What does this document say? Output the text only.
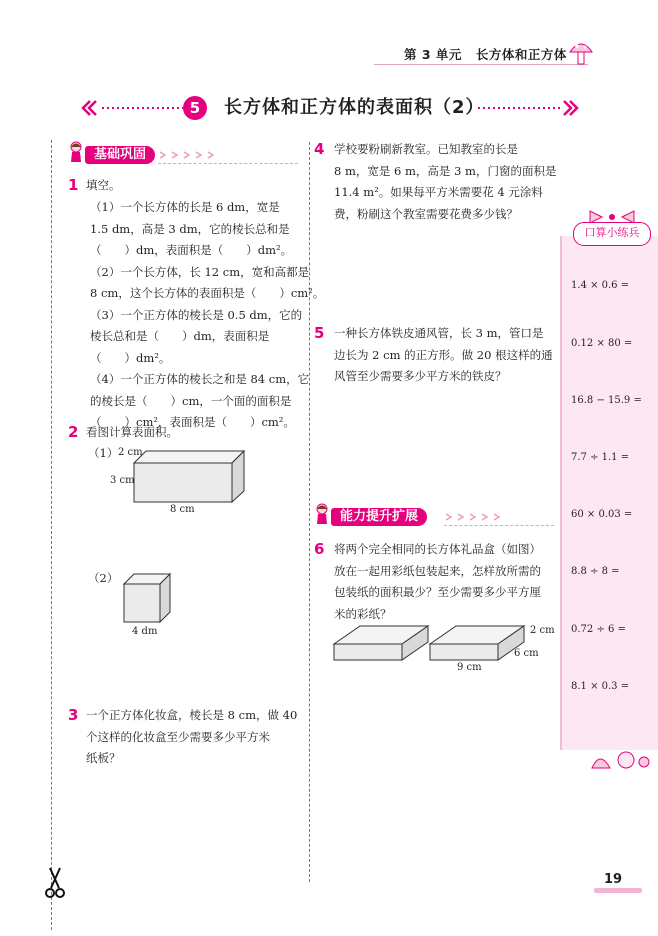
第 3 单元 长方体和正方体
5	长方体和正方体的表面积（2）
基础巩固
1 填空。
（1）一个长方体的长是 6 dm，宽是
1.5 dm，高是 3 dm，它的棱长总和是
（　　）dm，表面积是（　　）dm²。
（2）一个长方体，长 12 cm，宽和高都是
8 cm，这个长方体的表面积是（　　）cm²。
（3）一个正方体的棱长是 0.5 dm，它的
棱长总和是（　　）dm，表面积是
（　　）dm²。
（4）一个正方体的棱长之和是 84 cm，它
的棱长是（　　）cm，一个面的面积是
（　　）cm²，表面积是（　　）cm²。
2 看图计算表面积。
（1） 2 cm
3 cm
8 cm
（2）
4 dm
3 一个正方体化妆盒，棱长是 8 cm，做 40
个这样的化妆盒至少需要多少平方米
纸板？
4 学校要粉刷新教室。已知教室的长是
8 m，宽是 6 m，高是 3 m，门窗的面积是
11.4 m²。如果每平方米需要花 4 元涂料
费，粉刷这个教室需要花费多少钱？
5 一种长方体铁皮通风管，长 3 m，管口是
边长为 2 cm 的正方形。做 20 根这样的通
风管至少需要多少平方米的铁皮？
能力提升扩展
6 将两个完全相同的长方体礼品盒（如图）
放在一起用彩纸包装起来，怎样放所需的
包装纸的面积最少？至少需要多少平方厘
米的彩纸？
2 cm
6 cm
9 cm
口算小练兵
1.4 × 0.6 =
0.12 × 80 =
16.8 − 15.9 =
7.7 ÷ 1.1 =
60 × 0.03 =
8.8 ÷ 8 =
0.72 ÷ 6 =
8.1 × 0.3 =
19
